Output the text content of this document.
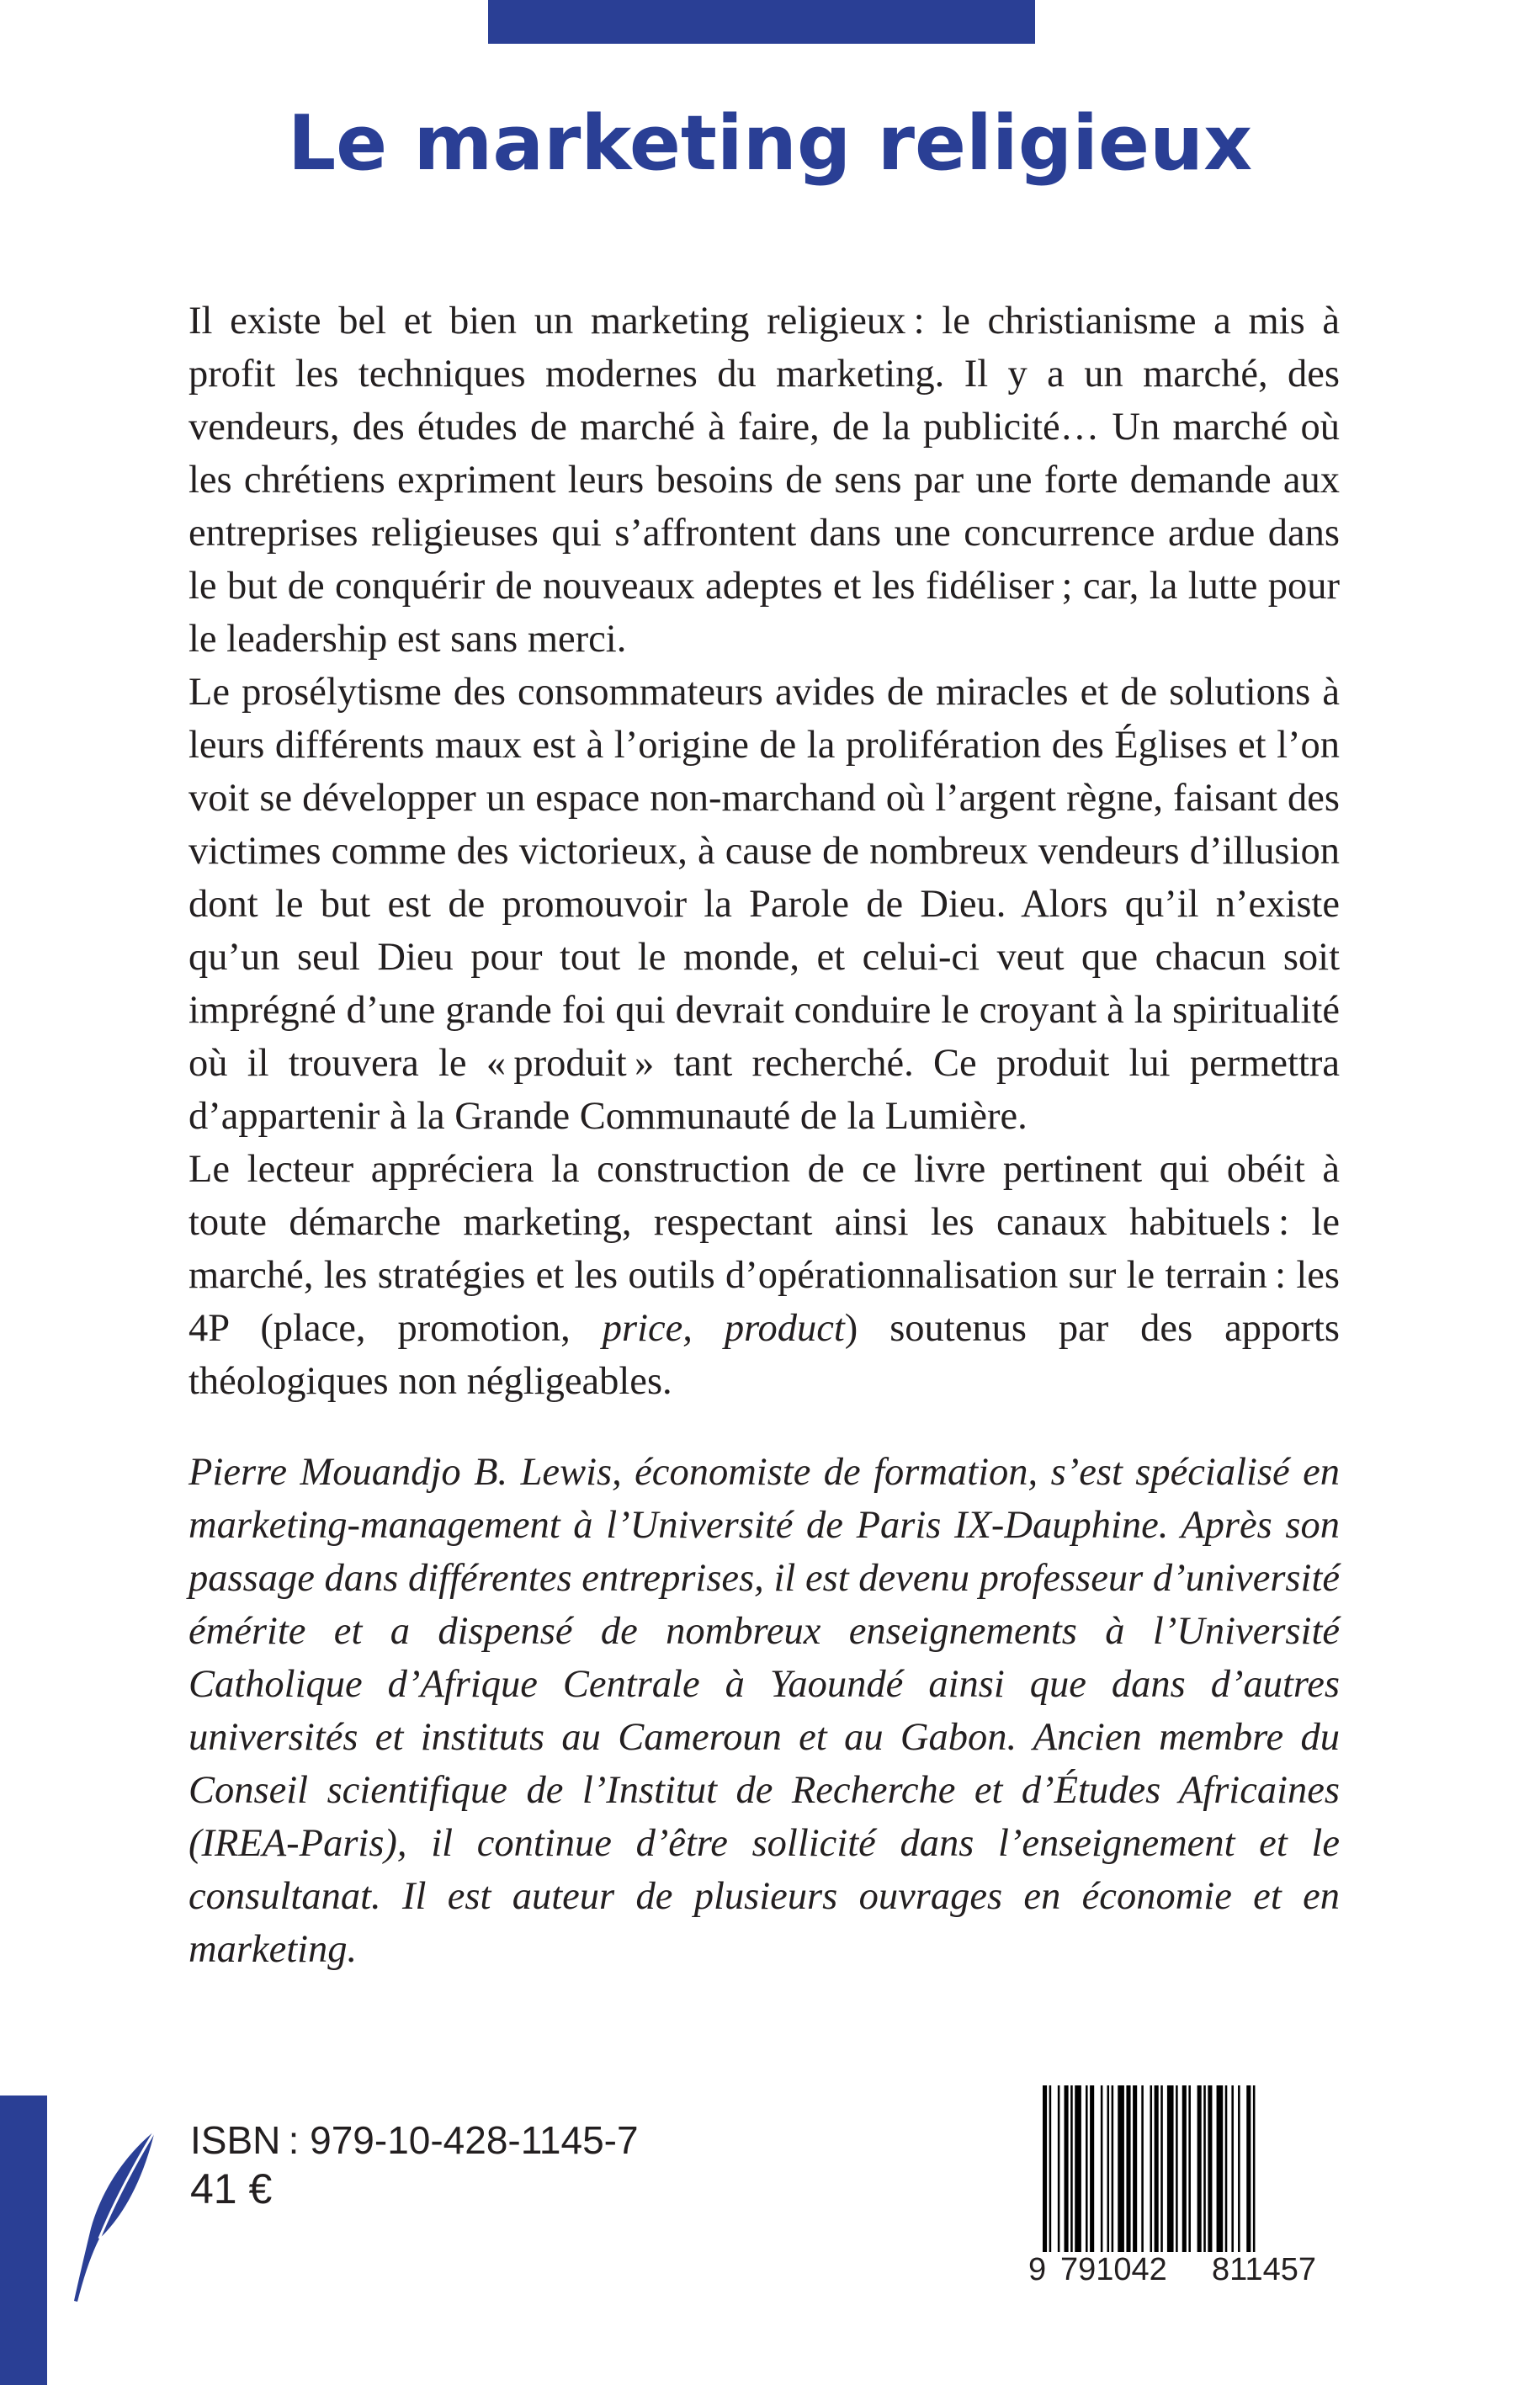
Le marketing religieux

Il existe bel et bien un marketing religieux : le christianisme a mis à profit les techniques modernes du marketing. Il y a un marché, des vendeurs, des études de marché à faire, de la publicité… Un marché où les chrétiens expriment leurs besoins de sens par une forte demande aux entreprises religieuses qui s’affrontent dans une concurrence ardue dans le but de conquérir de nouveaux adeptes et les fidéliser ; car, la lutte pour le leadership est sans merci.

Le prosélytisme des consommateurs avides de miracles et de solutions à leurs différents maux est à l’origine de la prolifération des Églises et l’on voit se développer un espace non-marchand où l’argent règne, faisant des victimes comme des victorieux, à cause de nombreux vendeurs d’illusion dont le but est de promouvoir la Parole de Dieu. Alors qu’il n’existe qu’un seul Dieu pour tout le monde, et celui-ci veut que chacun soit imprégné d’une grande foi qui devrait conduire le croyant à la spiritualité où il trouvera le « produit » tant recherché. Ce produit lui permettra d’appartenir à la Grande Communauté de la Lumière.

Le lecteur appréciera la construction de ce livre pertinent qui obéit à toute démarche marketing, respectant ainsi les canaux habituels : le marché, les stratégies et les outils d’opérationnalisation sur le terrain : les 4P (place, promotion, price, product) soutenus par des apports théologiques non négligeables.

Pierre Mouandjo B. Lewis, économiste de formation, s’est spécialisé en marketing-management à l’Université de Paris IX-Dauphine. Après son passage dans différentes entreprises, il est devenu professeur d’université émérite et a dispensé de nombreux enseignements à l’Université Catholique d’Afrique Centrale à Yaoundé ainsi que dans d’autres universités et instituts au Cameroun et au Gabon. Ancien membre du Conseil scientifique de l’Institut de Recherche et d’Études Africaines (IREA-Paris), il continue d’être sollicité dans l’enseignement et le consultanat. Il est auteur de plusieurs ouvrages en économie et en marketing.

ISBN : 979-10-428-1145-7
41 €
9 791042 811457
